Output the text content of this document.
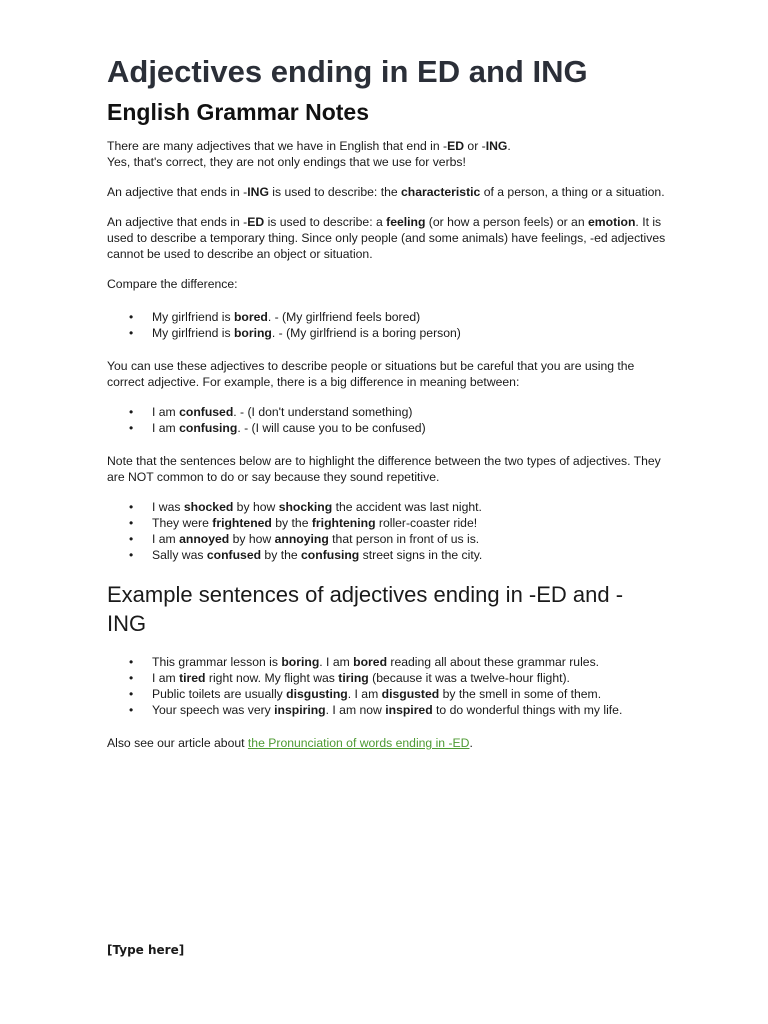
Adjectives ending in ED and ING
English Grammar Notes

There are many adjectives that we have in English that end in -ED or -ING.
Yes, that's correct, they are not only endings that we use for verbs!

An adjective that ends in -ING is used to describe: the characteristic of a person, a thing or a situation.

An adjective that ends in -ED is used to describe: a feeling (or how a person feels) or an emotion. It is used to describe a temporary thing. Since only people (and some animals) have feelings, -ed adjectives cannot be used to describe an object or situation.

Compare the difference:

• My girlfriend is bored. - (My girlfriend feels bored)
• My girlfriend is boring. - (My girlfriend is a boring person)

You can use these adjectives to describe people or situations but be careful that you are using the correct adjective. For example, there is a big difference in meaning between:

• I am confused. - (I don't understand something)
• I am confusing. - (I will cause you to be confused)

Note that the sentences below are to highlight the difference between the two types of adjectives. They are NOT common to do or say because they sound repetitive.

• I was shocked by how shocking the accident was last night.
• They were frightened by the frightening roller-coaster ride!
• I am annoyed by how annoying that person in front of us is.
• Sally was confused by the confusing street signs in the city.
Example sentences of adjectives ending in -ED and - ING
• This grammar lesson is boring. I am bored reading all about these grammar rules.
• I am tired right now. My flight was tiring (because it was a twelve-hour flight).
• Public toilets are usually disgusting. I am disgusted by the smell in some of them.
• Your speech was very inspiring. I am now inspired to do wonderful things with my life.

Also see our article about the Pronunciation of words ending in -ED.

[Type here]
